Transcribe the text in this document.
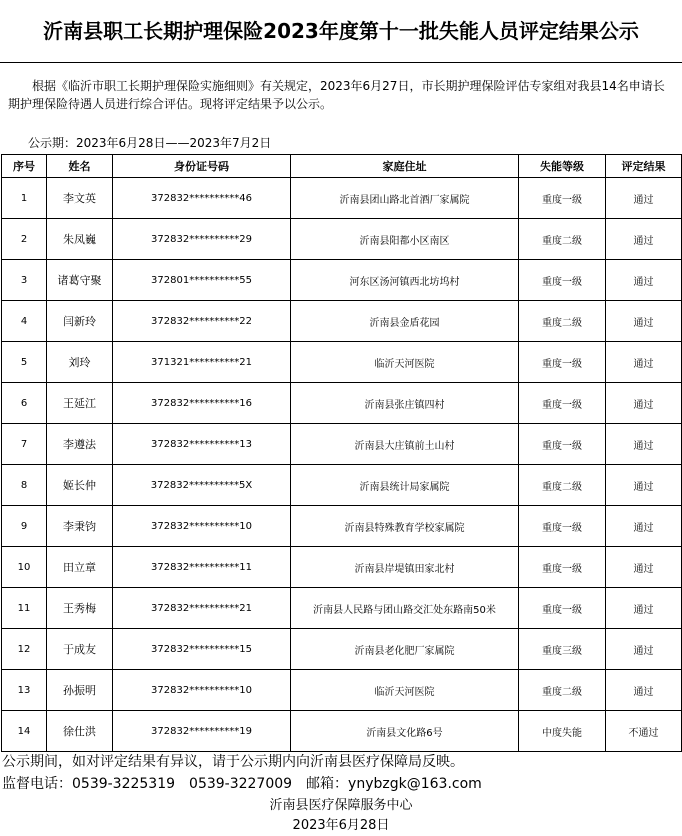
沂南县职工长期护理保险2023年度第十一批失能人员评定结果公示
根据《临沂市职工长期护理保险实施细则》有关规定，2023年6月27日，市长期护理保险评估专家组对我县14名申请长期护理保险待遇人员进行综合评估。现将评定结果予以公示。
公示期：2023年6月28日——2023年7月2日
序号	姓名	身份证号码	家庭住址	失能等级	评定结果
1	李文英	372832**********46	沂南县团山路北首酒厂家属院	重度一级	通过
2	朱凤巍	372832**********29	沂南县阳都小区南区	重度二级	通过
3	诸葛守聚	372801**********55	河东区汤河镇西北坊坞村	重度一级	通过
4	闫新玲	372832**********22	沂南县金盾花园	重度二级	通过
5	刘玲	371321**********21	临沂天河医院	重度一级	通过
6	王延江	372832**********16	沂南县张庄镇四村	重度一级	通过
7	李遵法	372832**********13	沂南县大庄镇前土山村	重度一级	通过
8	姬长仲	372832**********5X	沂南县统计局家属院	重度二级	通过
9	李秉钧	372832**********10	沂南县特殊教育学校家属院	重度一级	通过
10	田立章	372832**********11	沂南县岸堤镇田家北村	重度一级	通过
11	王秀梅	372832**********21	沂南县人民路与团山路交汇处东路南50米	重度一级	通过
12	于成友	372832**********15	沂南县老化肥厂家属院	重度三级	通过
13	孙振明	372832**********10	临沂天河医院	重度二级	通过
14	徐仕洪	372832**********19	沂南县文化路6号	中度失能	不通过
公示期间，如对评定结果有异议，请于公示期内向沂南县医疗保障局反映。
监督电话：0539-3225319　0539-3227009　邮箱：ynybzgk@163.com
沂南县医疗保障服务中心
2023年6月28日
